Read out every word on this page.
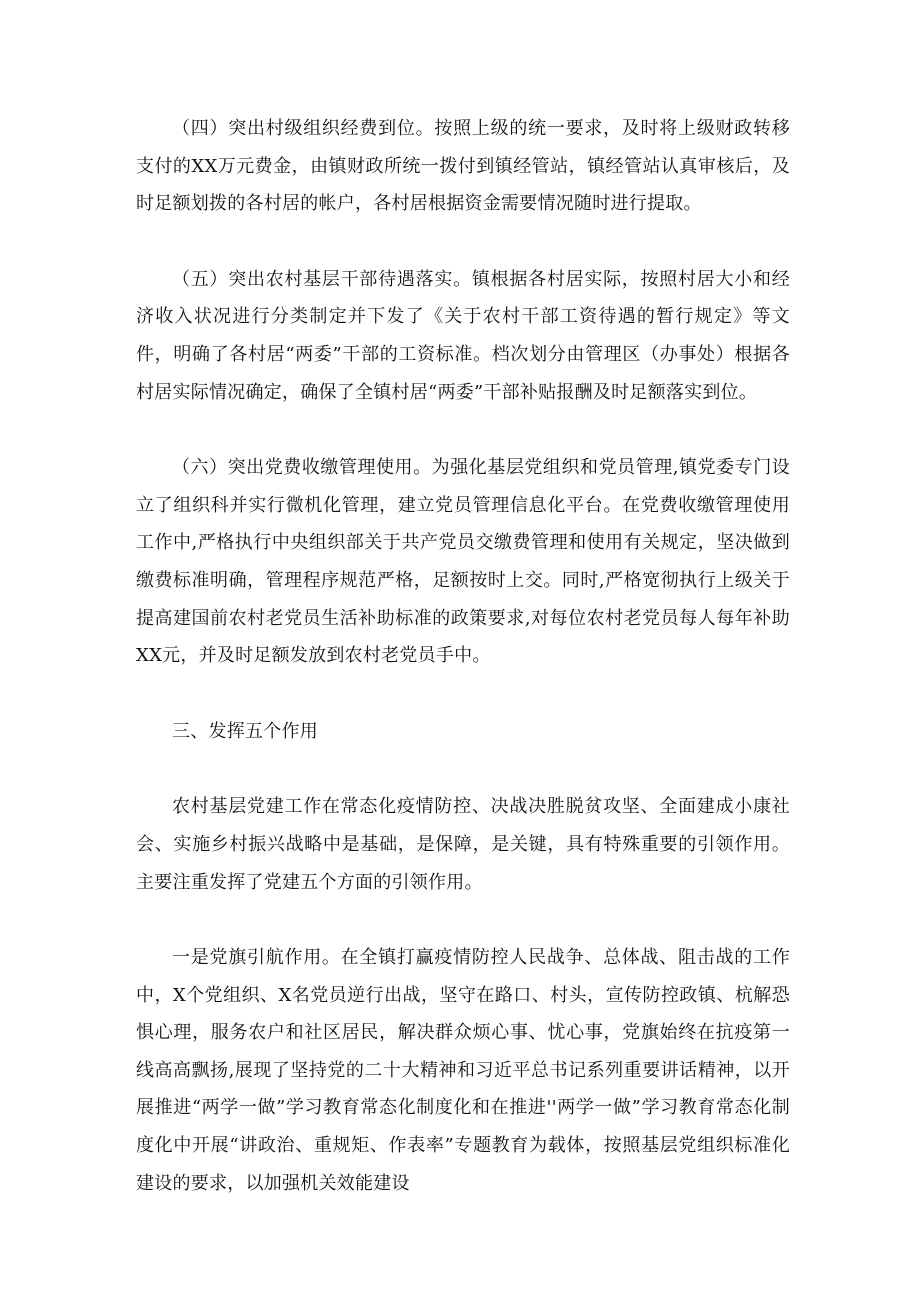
（四）突出村级组织经费到位。按照上级的统一要求，及时将上级财政转移支付的XX万元费金，由镇财政所统一拨付到镇经管站，镇经管站认真审核后，及时足额划拨的各村居的帐户，各村居根据资金需要情况随时进行提取。

（五）突出农村基层干部待遇落实。镇根据各村居实际，按照村居大小和经济收入状况进行分类制定并下发了《关于农村干部工资待遇的暂行规定》等文件，明确了各村居“两委”干部的工资标准。档次划分由管理区（办事处）根据各村居实际情况确定，确保了全镇村居“两委”干部补贴报酬及时足额落实到位。

（六）突出党费收缴管理使用。为强化基层党组织和党员管理,镇党委专门设立了组织科并实行微机化管理，建立党员管理信息化平台。在党费收缴管理使用工作中,严格执行中央组织部关于共产党员交缴费管理和使用有关规定，坚决做到缴费标准明确，管理程序规范严格，足额按时上交。同时,严格宽彻执行上级关于提高建国前农村老党员生活补助标准的政策要求,对每位农村老党员每人每年补助XX元，并及时足额发放到农村老党员手中。

三、发挥五个作用

农村基层党建工作在常态化疫情防控、决战决胜脱贫攻坚、全面建成小康社会、实施乡村振兴战略中是基础，是保障，是关键，具有特殊重要的引领作用。主要注重发挥了党建五个方面的引领作用。

一是党旗引航作用。在全镇打赢疫情防控人民战争、总体战、阻击战的工作中，X个党组织、X名党员逆行出战，坚守在路口、村头，宣传防控政镇、杭解恐惧心理，服务农户和社区居民，解决群众烦心事、忧心事，党旗始终在抗疫第一线高高飘扬,展现了坚持党的二十大精神和习近平总书记系列重要讲话精神，以开展推进“两学一做”学习教育常态化制度化和在推进''两学一做”学习教育常态化制度化中开展“讲政治、重规矩、作表率”专题教育为载体，按照基层党组织标准化建设的要求，以加强机关效能建设
